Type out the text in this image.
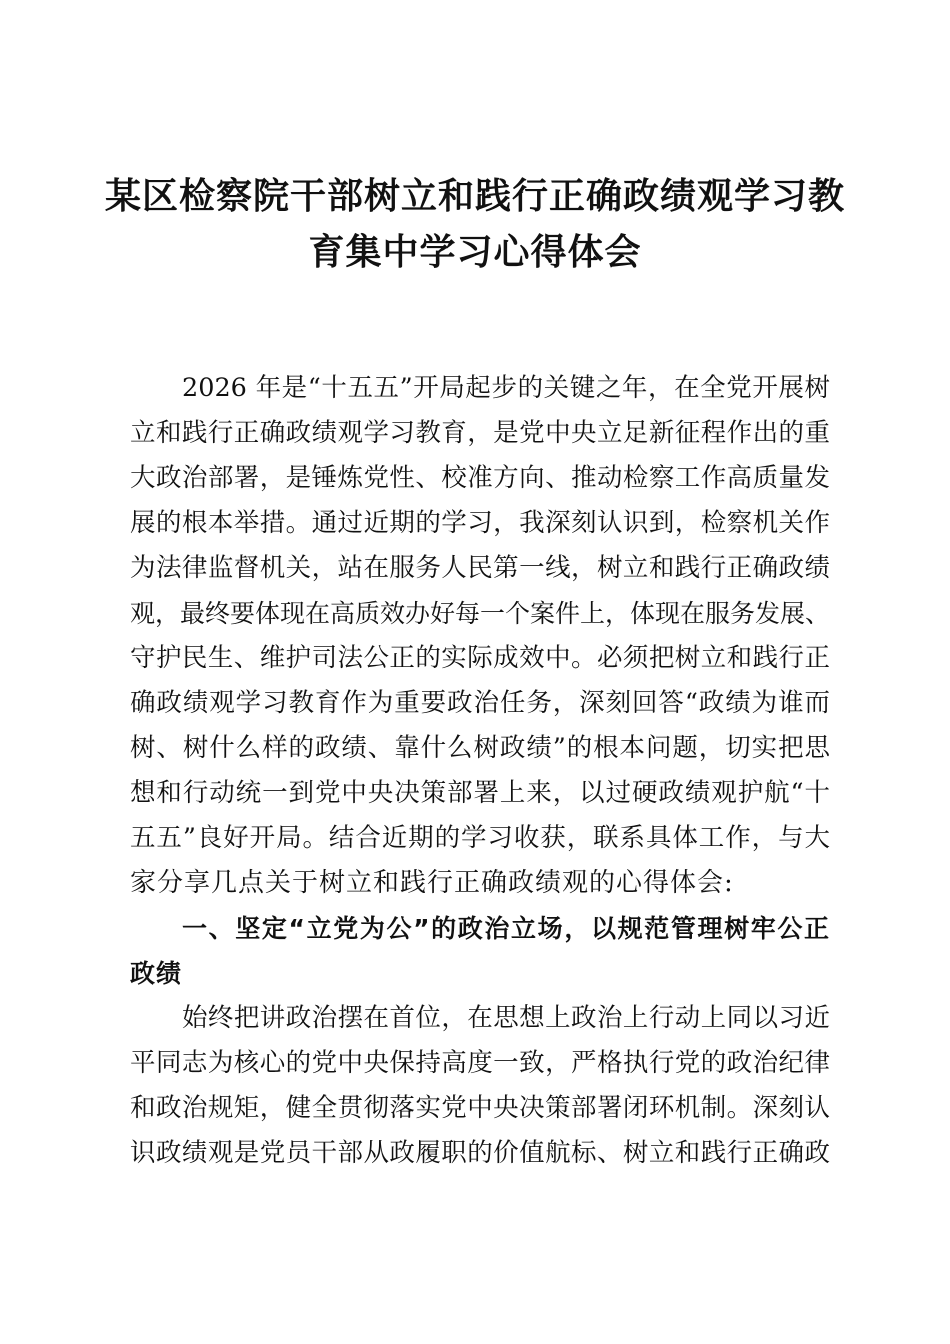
某区检察院干部树立和践行正确政绩观学习教
育集中学习心得体会
2026 年是“十五五”开局起步的关键之年，在全党开展树
立和践行正确政绩观学习教育，是党中央立足新征程作出的重
大政治部署，是锤炼党性、校准方向、推动检察工作高质量发
展的根本举措。通过近期的学习，我深刻认识到，检察机关作
为法律监督机关，站在服务人民第一线，树立和践行正确政绩
观，最终要体现在高质效办好每一个案件上，体现在服务发展、
守护民生、维护司法公正的实际成效中。必须把树立和践行正
确政绩观学习教育作为重要政治任务，深刻回答“政绩为谁而
树、树什么样的政绩、靠什么树政绩”的根本问题，切实把思
想和行动统一到党中央决策部署上来，以过硬政绩观护航“十
五五”良好开局。结合近期的学习收获，联系具体工作，与大
家分享几点关于树立和践行正确政绩观的心得体会:
一、坚定“立党为公”的政治立场，以规范管理树牢公正
政绩
始终把讲政治摆在首位，在思想上政治上行动上同以习近
平同志为核心的党中央保持高度一致，严格执行党的政治纪律
和政治规矩，健全贯彻落实党中央决策部署闭环机制。深刻认
识政绩观是党员干部从政履职的价值航标、树立和践行正确政
